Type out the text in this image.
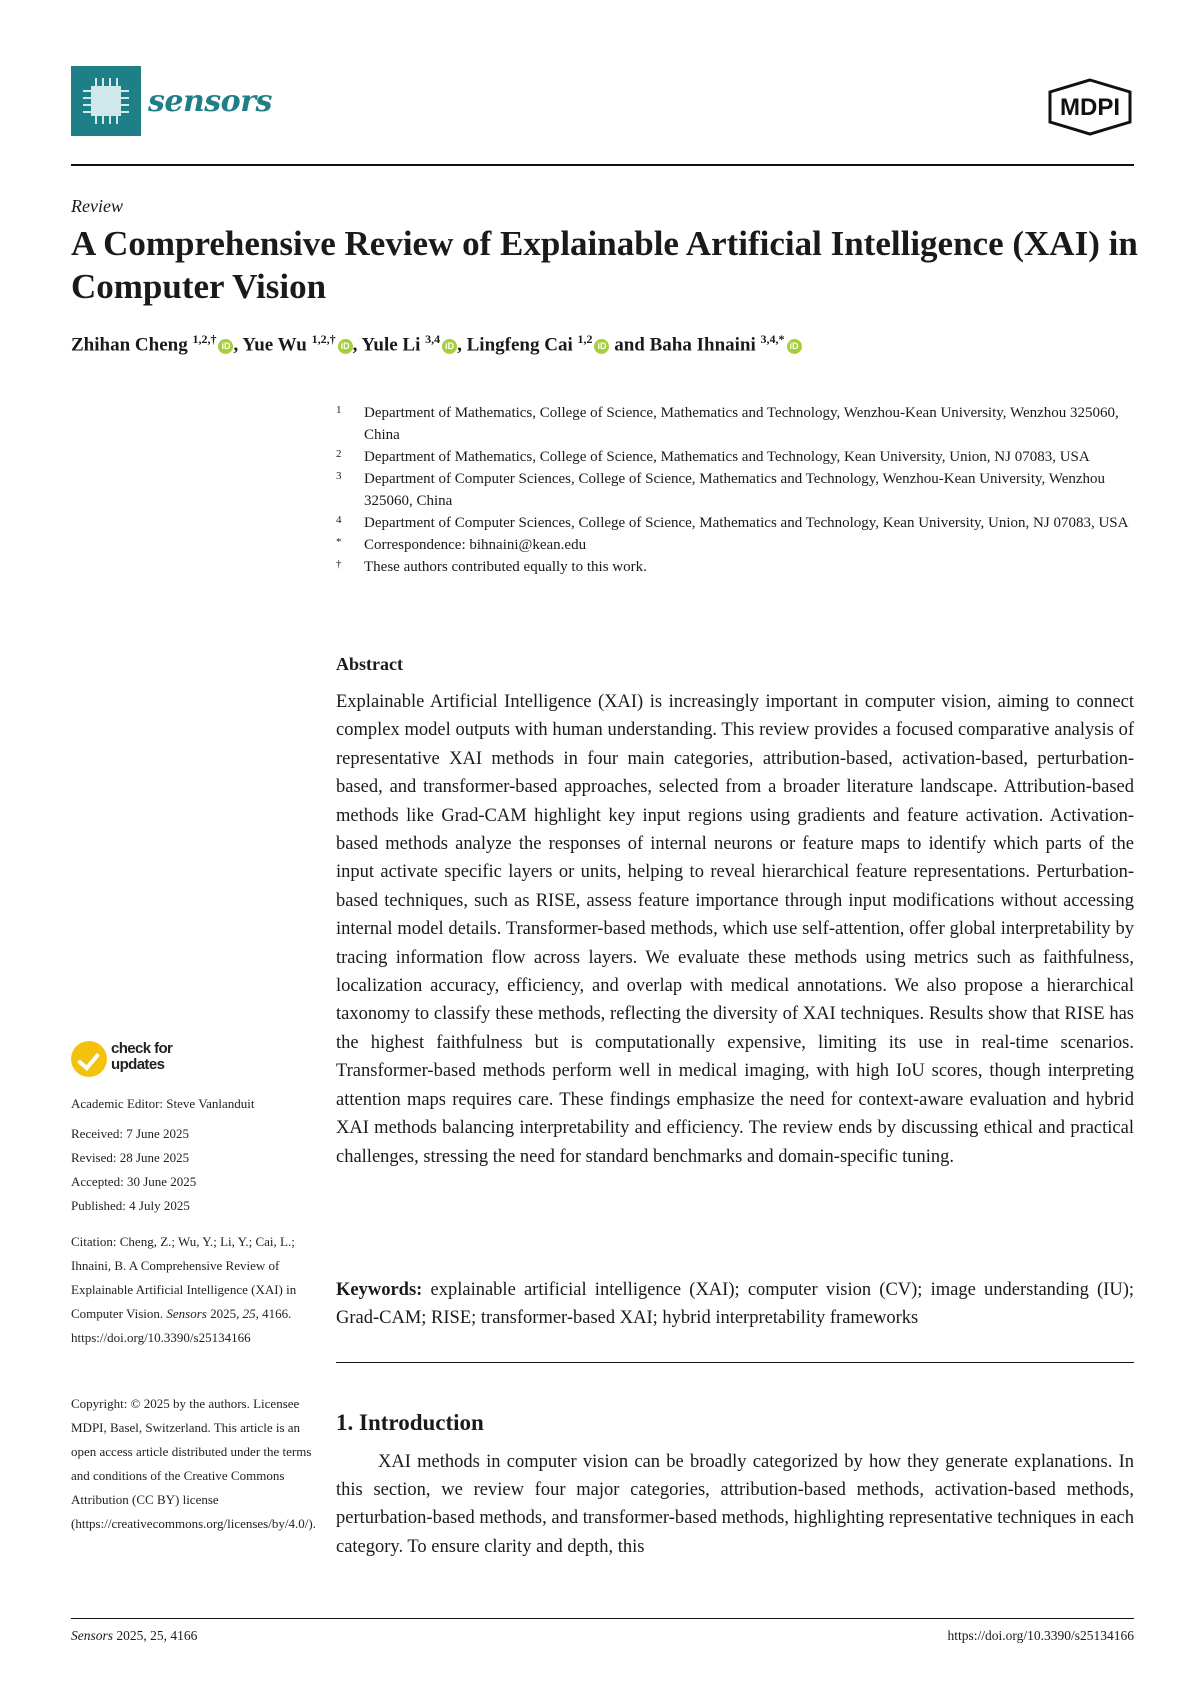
sensors	MDPI
Review
A Comprehensive Review of Explainable Artificial Intelligence (XAI) in Computer Vision
Zhihan Cheng $^{1,2,\dagger}$iD , Yue Wu $^{1,2,\dagger}$iD , Yule Li $^{3,4}$iD , Lingfeng Cai $^{1,2}$iD and Baha Ihnaini $^{3,4,*}$iD

1 Department of Mathematics, College of Science, Mathematics and Technology, Wenzhou-Kean University, Wenzhou 325060, China

2 Department of Mathematics, College of Science, Mathematics and Technology, Kean University, Union, NJ 07083, USA

3 Department of Computer Sciences, College of Science, Mathematics and Technology, Wenzhou-Kean University, Wenzhou 325060, China

4 Department of Computer Sciences, College of Science, Mathematics and Technology, Kean University, Union, NJ 07083, USA

* Correspondence: bihnaini@kean.edu

† These authors contributed equally to this work.

Abstract
Explainable Artificial Intelligence (XAI) is increasingly important in computer vision, aiming to connect complex model outputs with human understanding. This review provides a focused comparative analysis of representative XAI methods in four main categories, attribution-based, activation-based, perturbation-based, and transformer-based approaches, selected from a broader literature landscape. Attribution-based methods like Grad-CAM highlight key input regions using gradients and feature activation. Activation-based methods analyze the responses of internal neurons or feature maps to identify which parts of the input activate specific layers or units, helping to reveal hierarchical feature representations. Perturbation-based techniques, such as RISE, assess feature importance through input modifications without accessing internal model details. Transformer-based methods, which use self-attention, offer global interpretability by tracing information flow across layers. We evaluate these methods using metrics such as faithfulness, localization accuracy, efficiency, and overlap with medical annotations. We also propose a hierarchical taxonomy to classify these methods, reflecting the diversity of XAI techniques. Results show that RISE has the highest faithfulness but is computationally expensive, limiting its use in real-time scenarios. Transformer-based methods perform well in medical imaging, with high IoU scores, though interpreting attention maps requires care. These findings emphasize the need for context-aware evaluation and hybrid XAI methods balancing interpretability and efficiency. The review ends by discussing ethical and practical challenges, stressing the need for standard benchmarks and domain-specific tuning.
Keywords: explainable artificial intelligence (XAI); computer vision (CV); image understanding (IU); Grad-CAM; RISE; transformer-based XAI; hybrid interpretability frameworks
1. Introduction
XAI methods in computer vision can be broadly categorized by how they generate explanations. In this section, we review four major categories, attribution-based methods, activation-based methods, perturbation-based methods, and transformer-based methods, highlighting representative techniques in each category. To ensure clarity and depth, this
check for
updates
Academic Editor: Steve Vanlanduit

Received: 7 June 2025

Revised: 28 June 2025

Accepted: 30 June 2025

Published: 4 July 2025

Citation: Cheng, Z.; Wu, Y.; Li, Y.; Cai, L.; Ihnaini, B. A Comprehensive Review of Explainable Artificial Intelligence (XAI) in Computer Vision. Sensors 2025, 25, 4166. https://doi.org/10.3390/s25134166
Copyright: © 2025 by the authors. Licensee MDPI, Basel, Switzerland. This article is an open access article distributed under the terms and conditions of the Creative Commons Attribution (CC BY) license (https://creativecommons.org/licenses/by/4.0/).
Sensors 2025, 25, 4166	https://doi.org/10.3390/s25134166
